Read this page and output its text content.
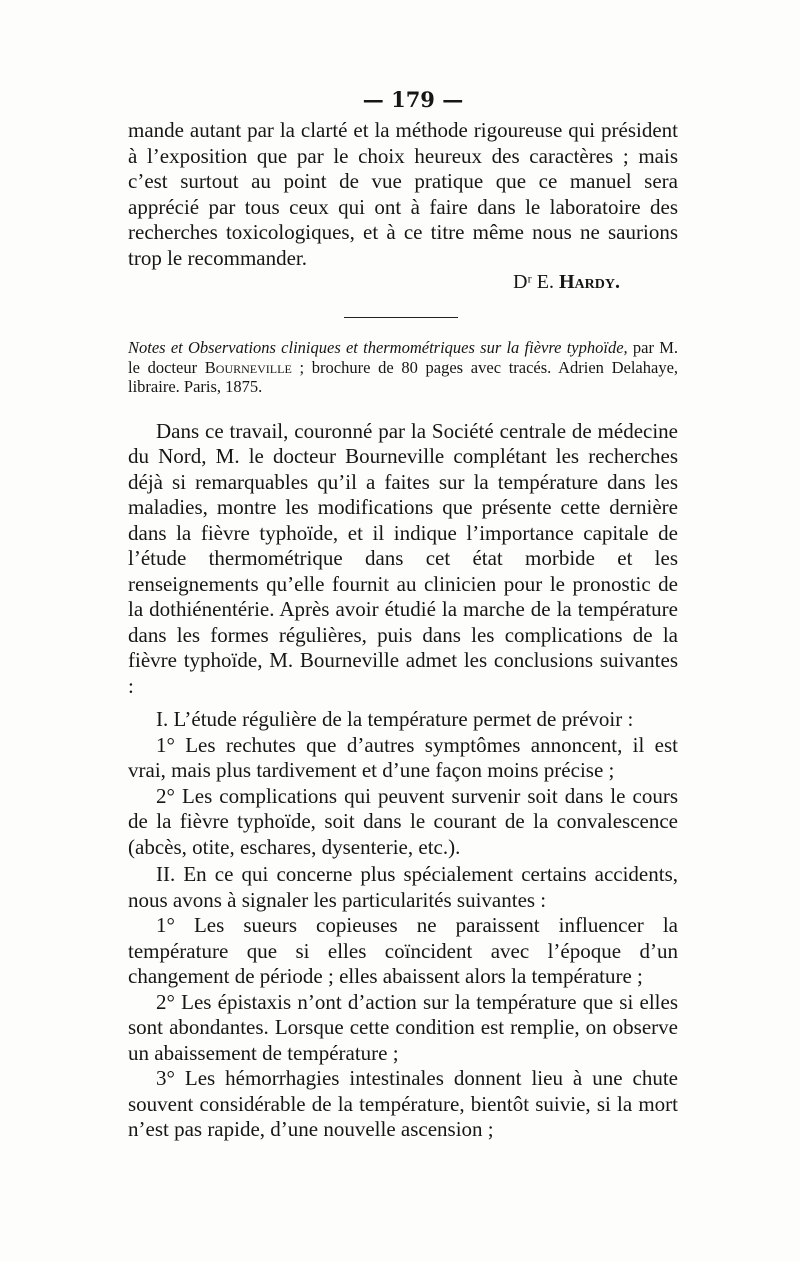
— 179 —

mande autant par la clarté et la méthode rigoureuse qui président à l’exposition que par le choix heureux des caractères ; mais c’est surtout au point de vue pratique que ce manuel sera apprécié par tous ceux qui ont à faire dans le laboratoire des recherches toxicologiques, et à ce titre même nous ne saurions trop le recommander.

Dʳ E. Hardy.
Notes et Observations cliniques et thermométriques sur la fièvre typhoïde, par M. le docteur Bourneville ; brochure de 80 pages avec tracés. Adrien Delahaye, libraire. Paris, 1875.

Dans ce travail, couronné par la Société centrale de médecine du Nord, M. le docteur Bourneville complétant les recherches déjà si remarquables qu’il a faites sur la température dans les maladies, montre les modifications que présente cette dernière dans la fièvre typhoïde, et il indique l’importance capitale de l’étude thermométrique dans cet état morbide et les renseignements qu’elle fournit au clinicien pour le pronostic de la dothiénentérie. Après avoir étudié la marche de la température dans les formes régulières, puis dans les complications de la fièvre typhoïde, M. Bourneville admet les conclusions suivantes :

I. L’étude régulière de la température permet de prévoir :

1° Les rechutes que d’autres symptômes annoncent, il est vrai, mais plus tardivement et d’une façon moins précise ;

2° Les complications qui peuvent survenir soit dans le cours de la fièvre typhoïde, soit dans le courant de la convalescence (abcès, otite, eschares, dysenterie, etc.).

II. En ce qui concerne plus spécialement certains accidents, nous avons à signaler les particularités suivantes :

1° Les sueurs copieuses ne paraissent influencer la température que si elles coïncident avec l’époque d’un changement de période ; elles abaissent alors la température ;

2° Les épistaxis n’ont d’action sur la température que si elles sont abondantes. Lorsque cette condition est remplie, on observe un abaissement de température ;

3° Les hémorrhagies intestinales donnent lieu à une chute souvent considérable de la température, bientôt suivie, si la mort n’est pas rapide, d’une nouvelle ascension ;
